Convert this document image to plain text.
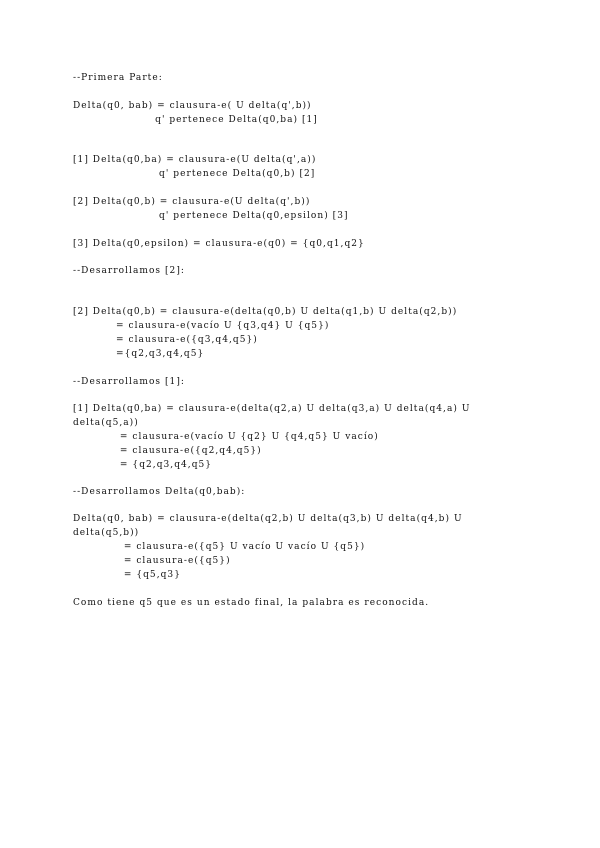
--Primera Parte:
Delta(q0, bab) = clausura-e( U delta(q',b))
q' pertenece Delta(q0,ba) [1]
[1] Delta(q0,ba) = clausura-e(U delta(q',a))
q' pertenece Delta(q0,b) [2]
[2] Delta(q0,b) = clausura-e(U delta(q',b))
q' pertenece Delta(q0,epsilon) [3]
[3] Delta(q0,epsilon) = clausura-e(q0) = {q0,q1,q2}
--Desarrollamos [2]:
[2] Delta(q0,b) = clausura-e(delta(q0,b) U delta(q1,b) U delta(q2,b))
= clausura-e(vacío U {q3,q4} U {q5})
= clausura-e({q3,q4,q5})
={q2,q3,q4,q5}
--Desarrollamos [1]:
[1] Delta(q0,ba) = clausura-e(delta(q2,a) U delta(q3,a) U delta(q4,a) U
delta(q5,a))
= clausura-e(vacío U {q2} U {q4,q5} U vacío)
= clausura-e({q2,q4,q5})
= {q2,q3,q4,q5}
--Desarrollamos Delta(q0,bab):
Delta(q0, bab) = clausura-e(delta(q2,b) U delta(q3,b) U delta(q4,b) U
delta(q5,b))
= clausura-e({q5} U vacío U vacío U {q5})
= clausura-e({q5})
= {q5,q3}
Como tiene q5 que es un estado final, la palabra es reconocida.
